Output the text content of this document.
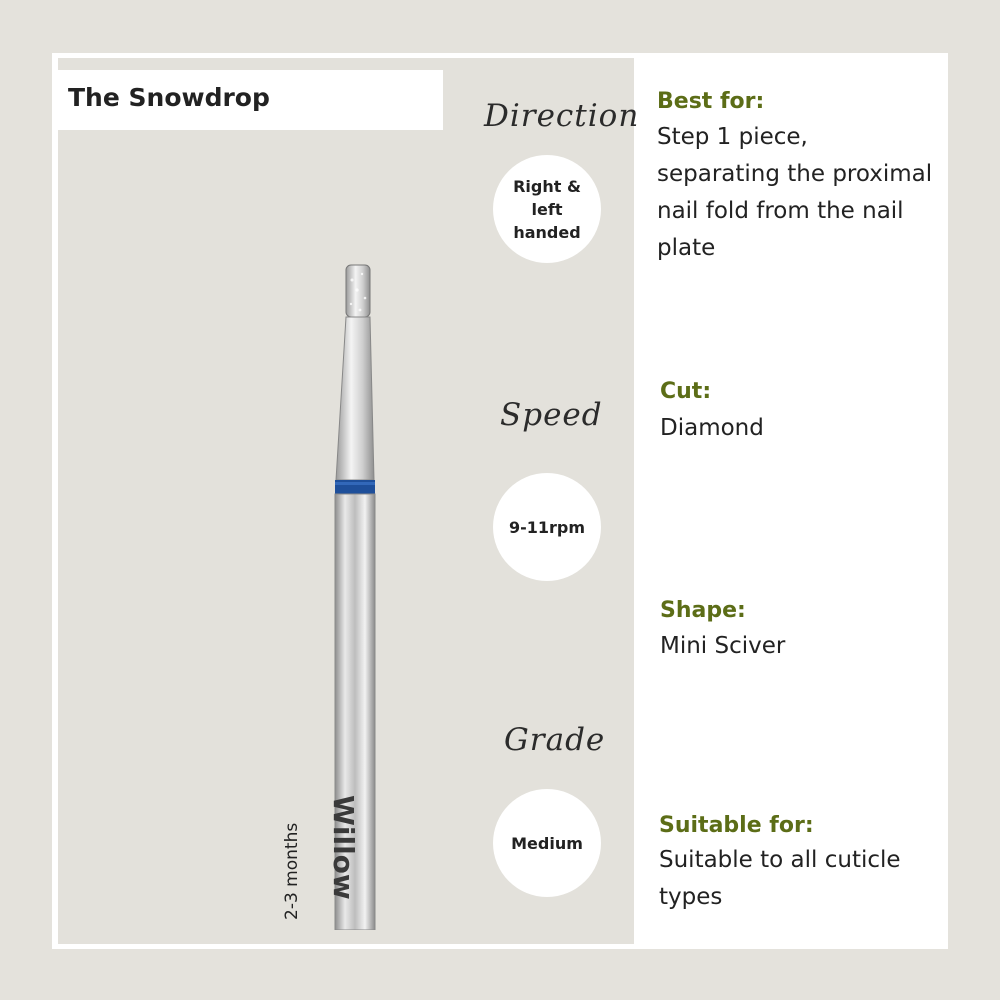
The Snowdrop
Willow
2-3 months
Direction
Right & left handed
Speed
9-11rpm
Grade
Medium
Best for:
Step 1 piece, separating the proximal nail fold from the nail plate
Cut:
Diamond
Shape:
Mini Sciver
Suitable for:
Suitable to all cuticle types
